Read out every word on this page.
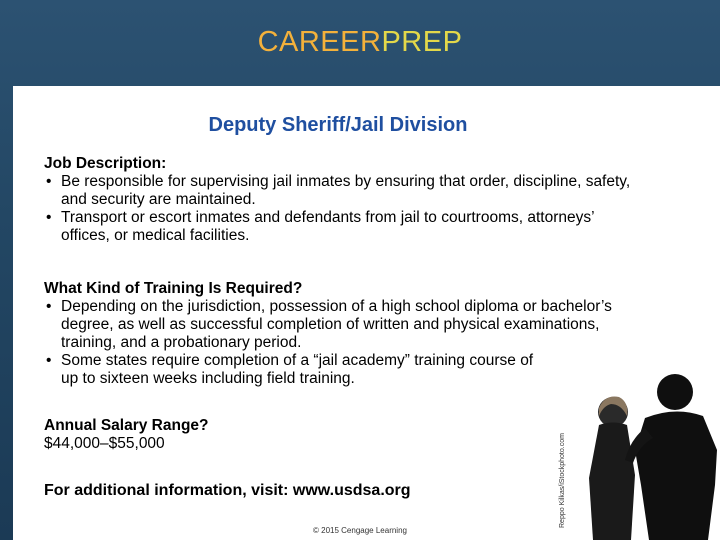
CAREERPREP
Deputy Sheriff/Jail Division
Job Description:
• Be responsible for supervising jail inmates by ensuring that order, discipline, safety, and security are maintained.
• Transport or escort inmates and defendants from jail to courtrooms, attorneys’ offices, or medical facilities.
What Kind of Training Is Required?
• Depending on the jurisdiction, possession of a high school diploma or bachelor’s degree, as well as successful completion of written and physical examinations, training, and a probationary period.
• Some states require completion of a “jail academy” training course of up to sixteen weeks including field training.
Annual Salary Range?
$44,000–$55,000
For additional information, visit: www.usdsa.org
© 2015 Cengage Learning
Reppo Kilkas/iStockphoto.com
